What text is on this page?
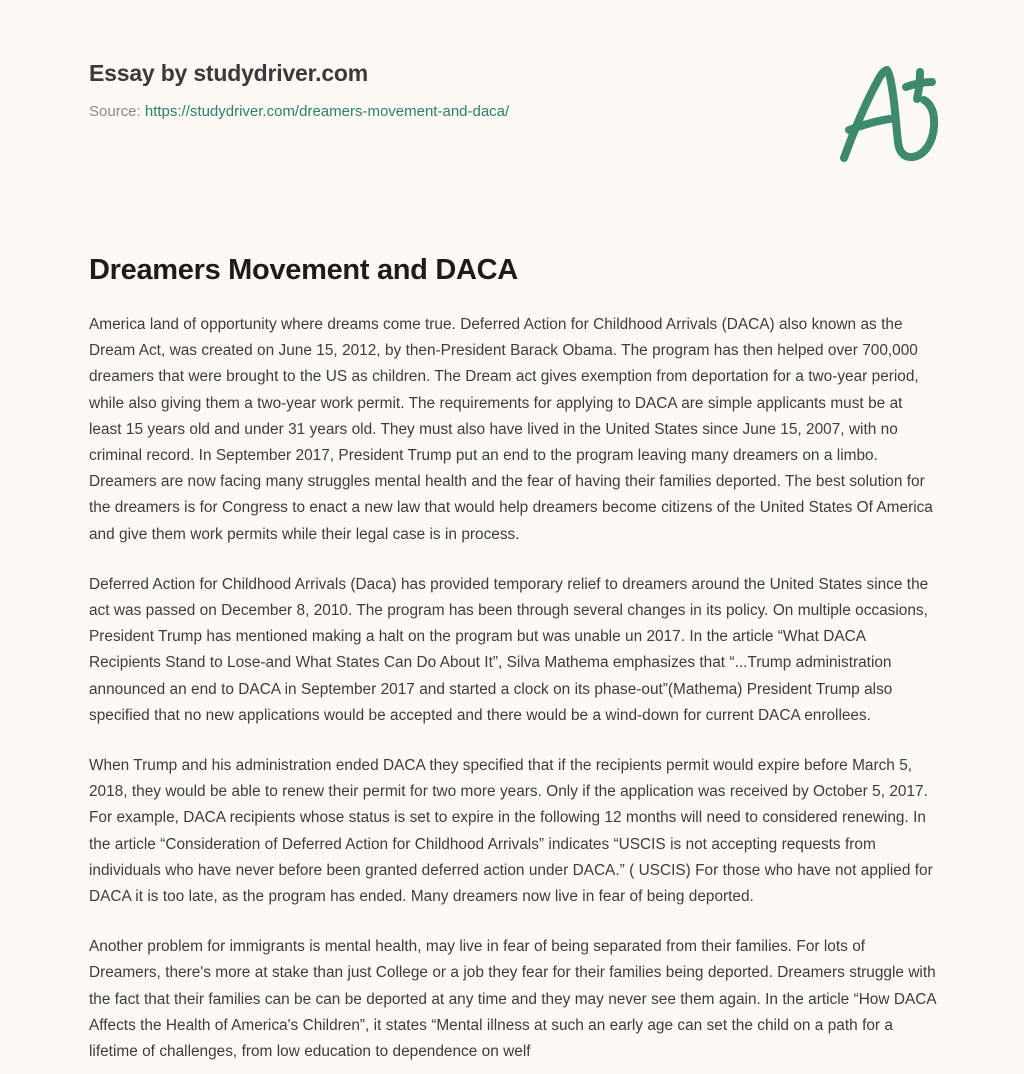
Essay by studydriver.com
Source: https://studydriver.com/dreamers-movement-and-daca/
Dreamers Movement and DACA

America land of opportunity where dreams come true. Deferred Action for Childhood Arrivals (DACA) also known as the Dream Act, was created on June 15, 2012, by then-President Barack Obama. The program has then helped over 700,000 dreamers that were brought to the US as children. The Dream act gives exemption from deportation for a two-year period, while also giving them a two-year work permit. The requirements for applying to DACA are simple applicants must be at least 15 years old and under 31 years old. They must also have lived in the United States since June 15, 2007, with no criminal record. In September 2017, President Trump put an end to the program leaving many dreamers on a limbo. Dreamers are now facing many struggles mental health and the fear of having their families deported. The best solution for the dreamers is for Congress to enact a new law that would help dreamers become citizens of the United States Of America and give them work permits while their legal case is in process.

Deferred Action for Childhood Arrivals (Daca) has provided temporary relief to dreamers around the United States since the act was passed on December 8, 2010. The program has been through several changes in its policy. On multiple occasions, President Trump has mentioned making a halt on the program but was unable un 2017. In the article “What DACA Recipients Stand to Lose-and What States Can Do About It”, Silva Mathema emphasizes that “...Trump administration announced an end to DACA in September 2017 and started a clock on its phase-out”(Mathema) President Trump also specified that no new applications would be accepted and there would be a wind-down for current DACA enrollees.

When Trump and his administration ended DACA they specified that if the recipients permit would expire before March 5, 2018, they would be able to renew their permit for two more years. Only if the application was received by October 5, 2017. For example, DACA recipients whose status is set to expire in the following 12 months will need to considered renewing. In the article “Consideration of Deferred Action for Childhood Arrivals” indicates “USCIS is not accepting requests from individuals who have never before been granted deferred action under DACA.” ( USCIS) For those who have not applied for DACA it is too late, as the program has ended. Many dreamers now live in fear of being deported.

Another problem for immigrants is mental health, may live in fear of being separated from their families. For lots of Dreamers, there's more at stake than just College or a job they fear for their families being deported. Dreamers struggle with the fact that their families can be can be deported at any time and they may never see them again. In the article “How DACA Affects the Health of America's Children”, it states “Mental illness at such an early age can set the child on a path for a lifetime of challenges, from low education to dependence on welf
